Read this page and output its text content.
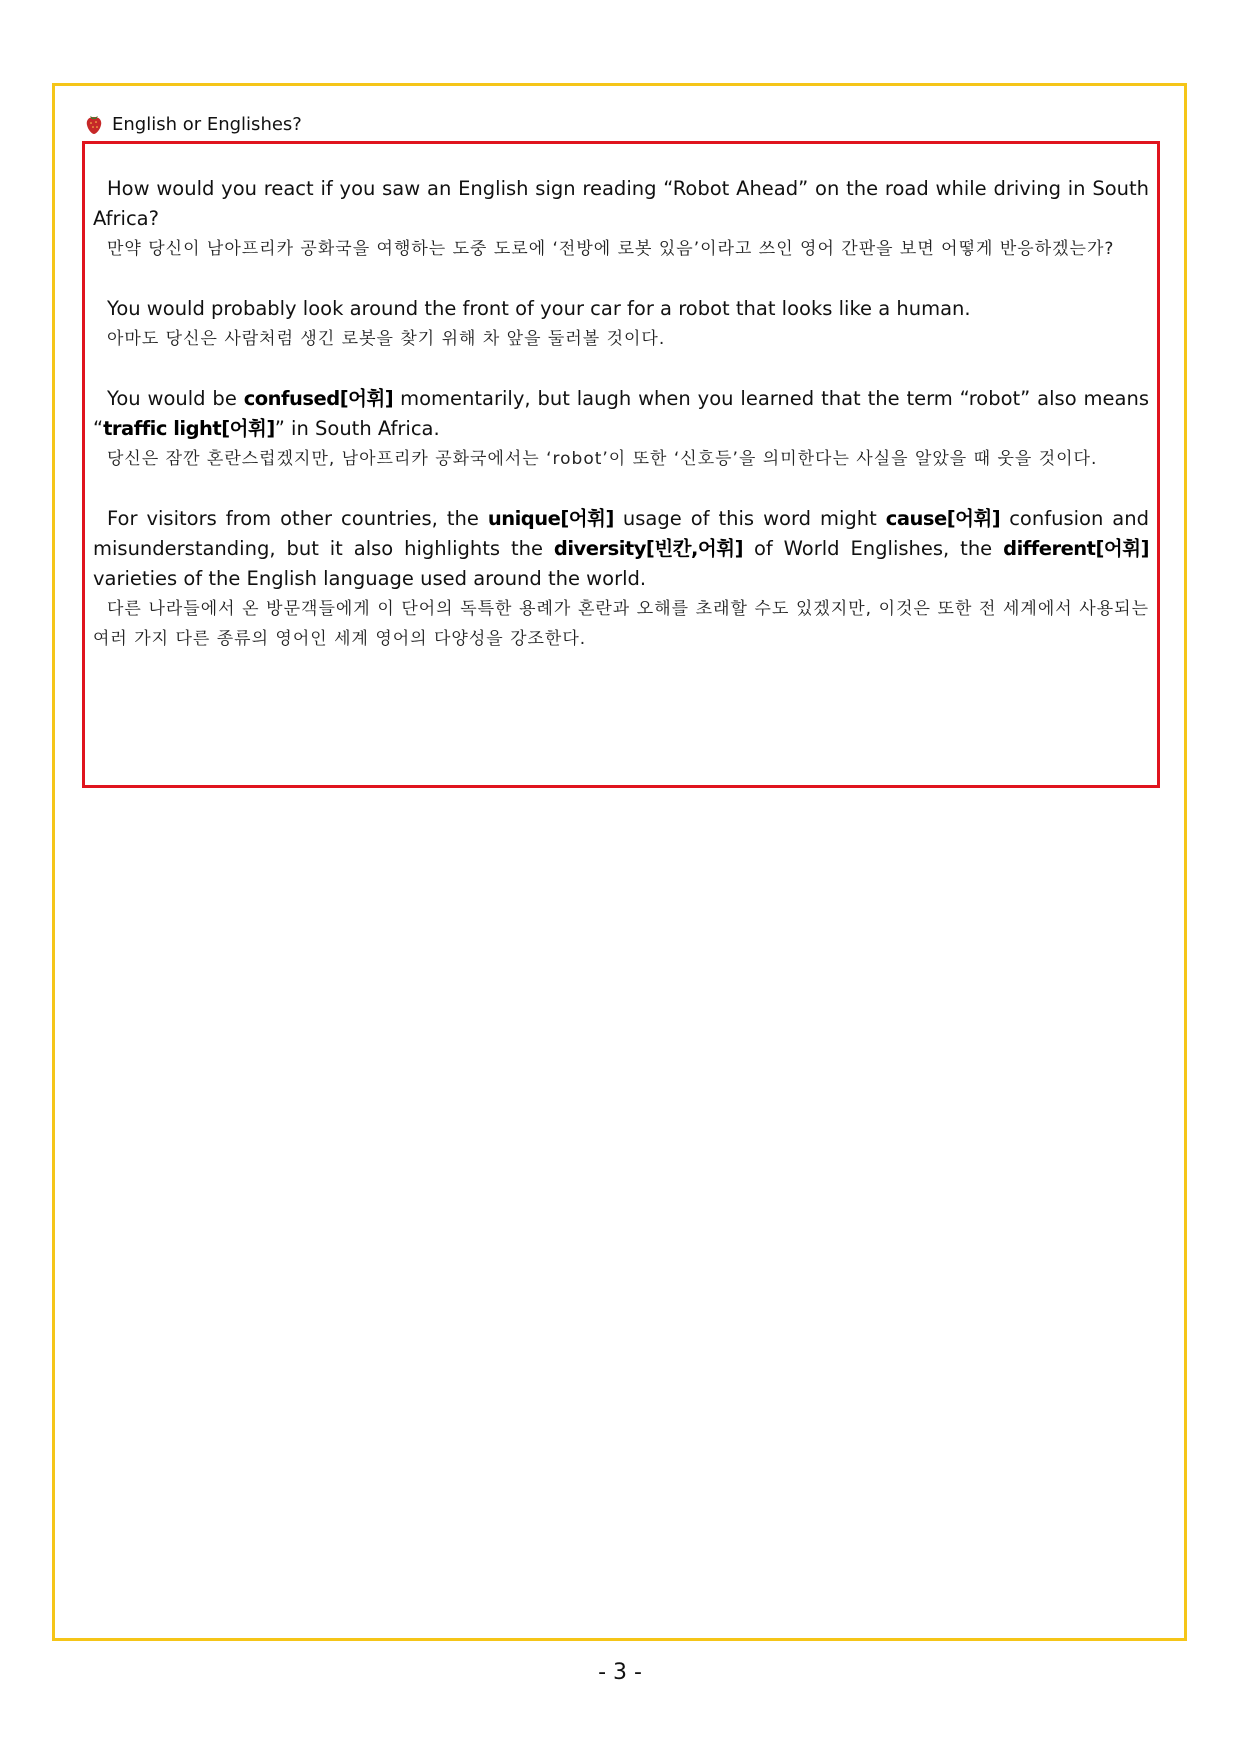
English or Englishes?

How would you react if you saw an English sign reading “Robot Ahead” on the road while driving in South Africa?

만약 당신이 남아프리카 공화국을 여행하는 도중 도로에 ‘전방에 로봇 있음’이라고 쓰인 영어 간판을 보면 어떻게 반응하겠는가?

You would probably look around the front of your car for a robot that looks like a human.

아마도 당신은 사람처럼 생긴 로봇을 찾기 위해 차 앞을 둘러볼 것이다.

You would be confused[어휘] momentarily, but laugh when you learned that the term “robot” also means “traffic light[어휘]” in South Africa.

당신은 잠깐 혼란스럽겠지만, 남아프리카 공화국에서는 ‘robot’이 또한 ‘신호등’을 의미한다는 사실을 알았을 때 웃을 것이다.

For visitors from other countries, the unique[어휘] usage of this word might cause[어휘] confusion and misunderstanding, but it also highlights the diversity[빈칸,어휘] of World Englishes, the different[어휘] varieties of the English language used around the world.

다른 나라들에서 온 방문객들에게 이 단어의 독특한 용례가 혼란과 오해를 초래할 수도 있겠지만, 이것은 또한 전 세계에서 사용되는 여러 가지 다른 종류의 영어인 세계 영어의 다양성을 강조한다.

- 3 -
